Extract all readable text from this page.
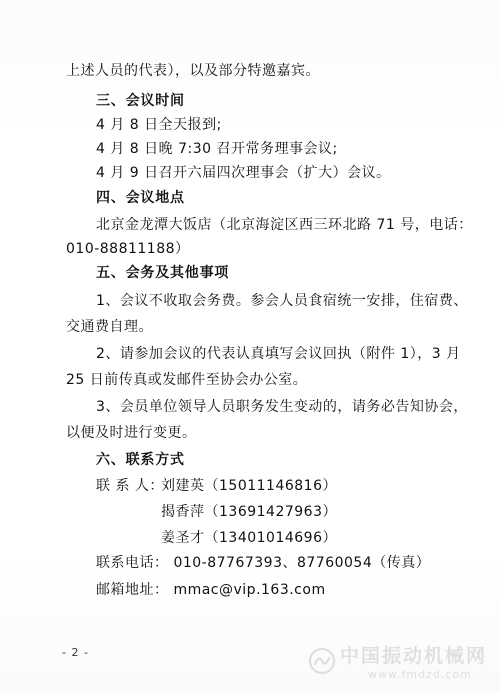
上述人员的代表），以及部分特邀嘉宾。
三、会议时间
4 月 8 日全天报到;
4 月 8 日晚 7:30 召开常务理事会议;
4 月 9 日召开六届四次理事会（扩大）会议。
四、会议地点
北京金龙潭大饭店（北京海淀区西三环北路 71 号，电话：
010-88811188）
五、会务及其他事项
1、会议不收取会务费。参会人员食宿统一安排，住宿费、
交通费自理。
2、请参加会议的代表认真填写会议回执（附件 1），3 月
25 日前传真或发邮件至协会办公室。
3、会员单位领导人员职务发生变动的，请务必告知协会，
以便及时进行变更。
六、联系方式
联 系 人：
刘建英（15011146816）
揭香萍（13691427963）
姜圣才（13401014696）
联系电话： 010-87767393、87760054（传真）
邮箱地址： mmac@vip.163.com
- 2 -	中国振动机械网
www.fmdzd.com
